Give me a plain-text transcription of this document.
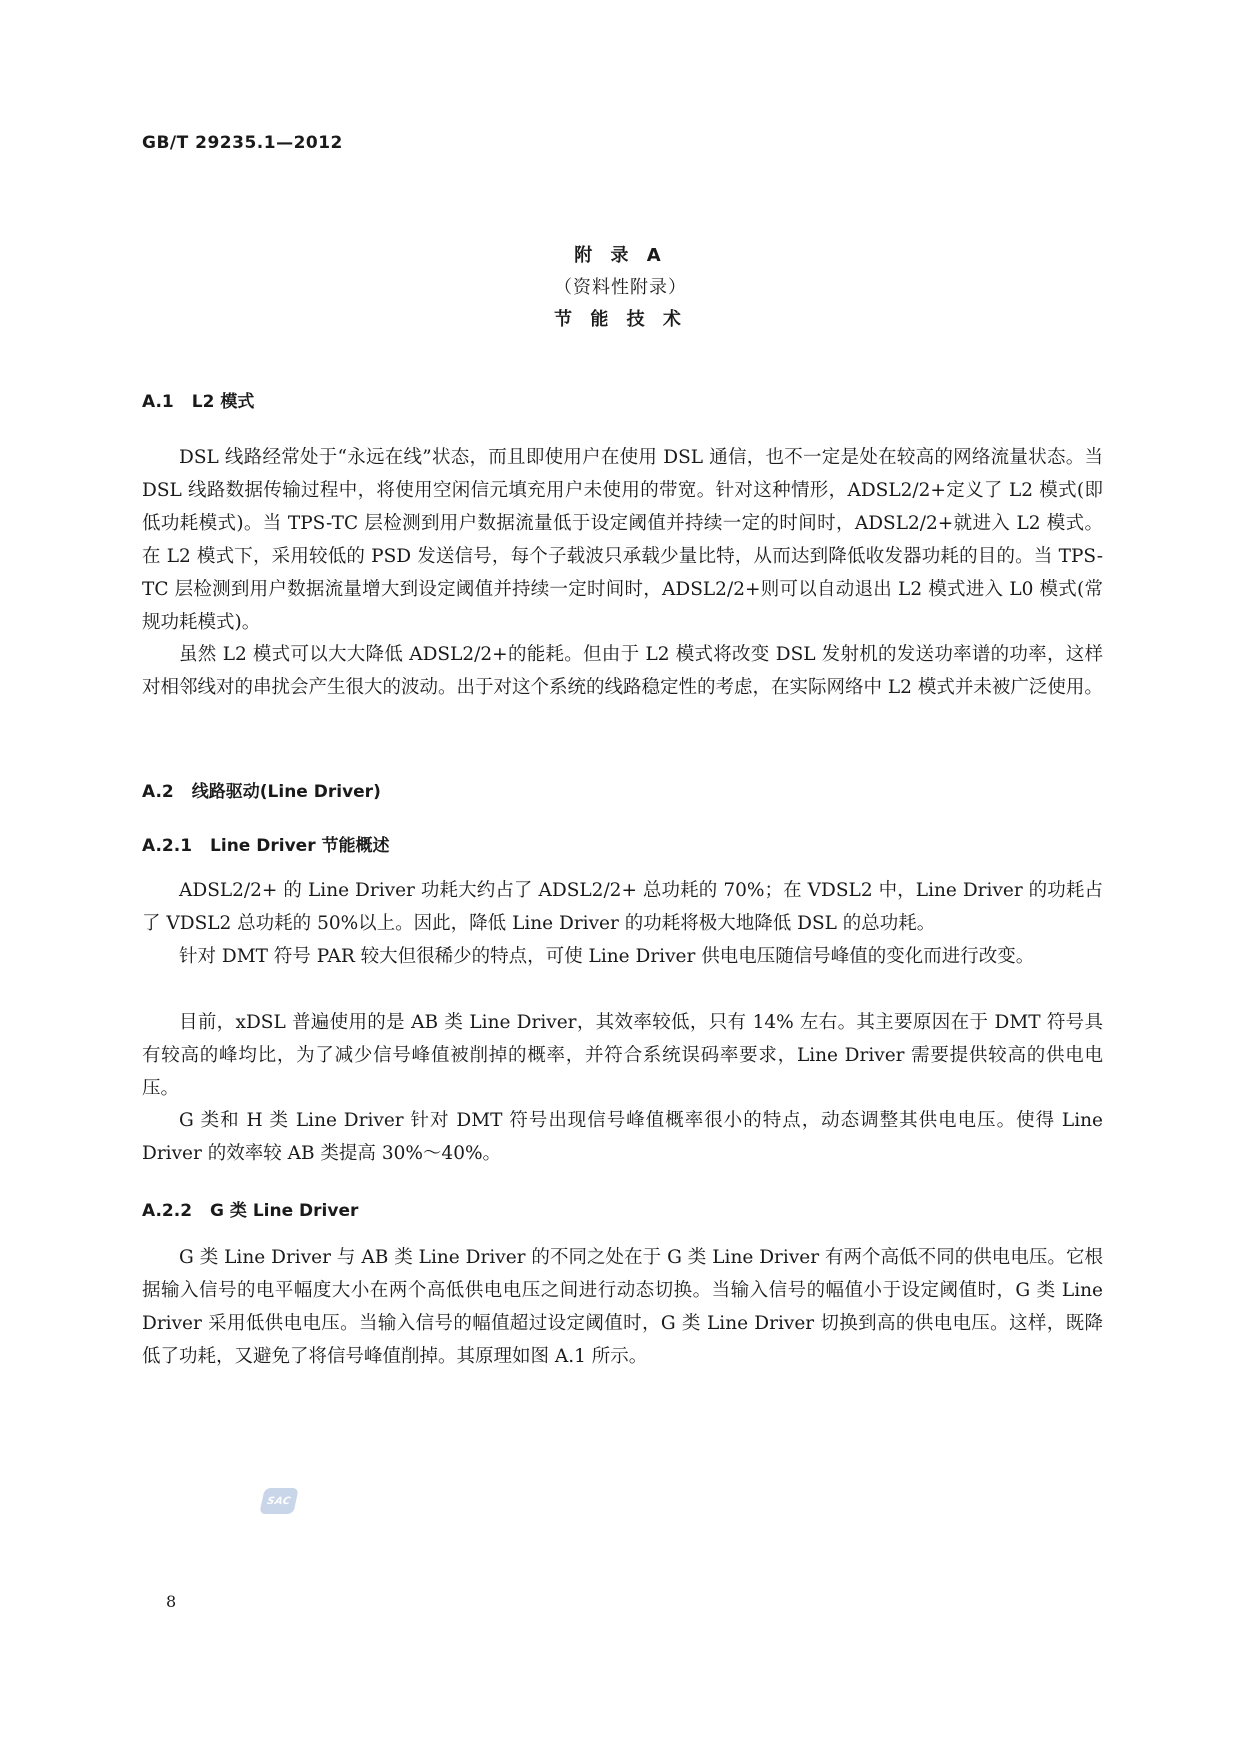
GB/T 29235.1—2012
附 录 A
（资料性附录）
节 能 技 术
A.1 L2 模式

DSL 线路经常处于“永远在线”状态，而且即使用户在使用 DSL 通信，也不一定是处在较高的网络流量状态。当 DSL 线路数据传输过程中，将使用空闲信元填充用户未使用的带宽。针对这种情形，ADSL2/2+定义了 L2 模式(即低功耗模式)。当 TPS-TC 层检测到用户数据流量低于设定阈值并持续一定的时间时，ADSL2/2+就进入 L2 模式。在 L2 模式下，采用较低的 PSD 发送信号，每个子载波只承载少量比特，从而达到降低收发器功耗的目的。当 TPS-TC 层检测到用户数据流量增大到设定阈值并持续一定时间时，ADSL2/2+则可以自动退出 L2 模式进入 L0 模式(常规功耗模式)。

虽然 L2 模式可以大大降低 ADSL2/2+的能耗。但由于 L2 模式将改变 DSL 发射机的发送功率谱的功率，这样对相邻线对的串扰会产生很大的波动。出于对这个系统的线路稳定性的考虑，在实际网络中 L2 模式并未被广泛使用。

A.2 线路驱动(Line Driver)
A.2.1 Line Driver 节能概述

ADSL2/2+ 的 Line Driver 功耗大约占了 ADSL2/2+ 总功耗的 70%；在 VDSL2 中，Line Driver 的功耗占了 VDSL2 总功耗的 50%以上。因此，降低 Line Driver 的功耗将极大地降低 DSL 的总功耗。

针对 DMT 符号 PAR 较大但很稀少的特点，可使 Line Driver 供电电压随信号峰值的变化而进行改变。

目前，xDSL 普遍使用的是 AB 类 Line Driver，其效率较低，只有 14% 左右。其主要原因在于 DMT 符号具有较高的峰均比，为了减少信号峰值被削掉的概率，并符合系统误码率要求，Line Driver 需要提供较高的供电电压。

G 类和 H 类 Line Driver 针对 DMT 符号出现信号峰值概率很小的特点，动态调整其供电电压。使得 Line Driver 的效率较 AB 类提高 30%～40%。

A.2.2 G 类 Line Driver

G 类 Line Driver 与 AB 类 Line Driver 的不同之处在于 G 类 Line Driver 有两个高低不同的供电电压。它根据输入信号的电平幅度大小在两个高低供电电压之间进行动态切换。当输入信号的幅值小于设定阈值时，G 类 Line Driver 采用低供电电压。当输入信号的幅值超过设定阈值时，G 类 Line Driver 切换到高的供电电压。这样，既降低了功耗，又避免了将信号峰值削掉。其原理如图 A.1 所示。

SAC
8
